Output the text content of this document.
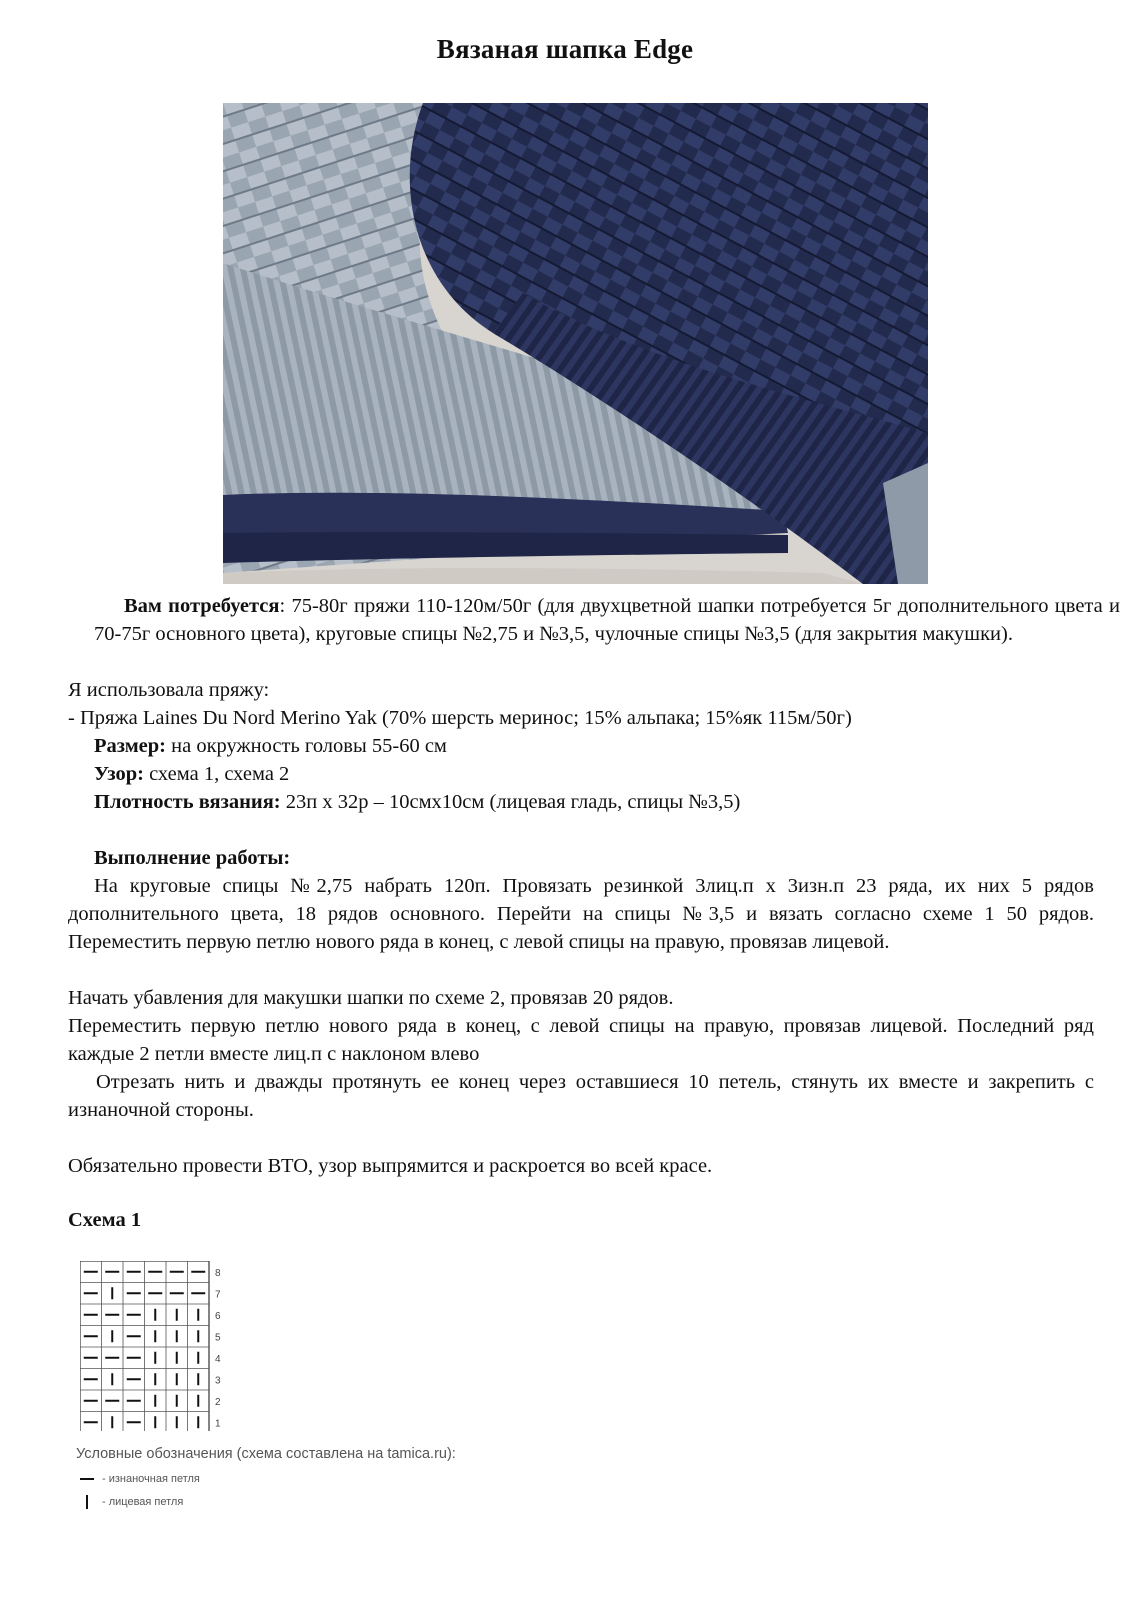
Вязаная шапка Edge
Вам потребуется: 75-80г пряжи 110-120м/50г (для двухцветной шапки потребуется 5г дополнительного цвета и 70-75г основного цвета), круговые спицы №2,75 и №3,5, чулочные спицы №3,5 (для закрытия макушки).
Я использовала пряжу:
- Пряжа Laines Du Nord Merino Yak (70% шерсть меринос; 15% альпака; 15%як 115м/50г)
Размер: на окружность головы 55-60 см
Узор: схема 1, схема 2
Плотность вязания: 23п х 32р – 10смх10см (лицевая гладь, спицы №3,5)
Выполнение работы:
На круговые спицы №2,75 набрать 120п. Провязать резинкой 3лиц.п х 3изн.п 23 ряда, их них 5 рядов дополнительного цвета, 18 рядов основного. Перейти на спицы №3,5 и вязать согласно схеме 1 50 рядов. Переместить первую петлю нового ряда в конец, с левой спицы на правую, провязав лицевой.
Начать убавления для макушки шапки по схеме 2, провязав 20 рядов.
Переместить первую петлю нового ряда в конец, с левой спицы на правую, провязав лицевой. Последний ряд каждые 2 петли вместе лиц.п с наклоном влево
Отрезать нить и дважды протянуть ее конец через оставшиеся 10 петель, стянуть их вместе и закрепить с изнаночной стороны.
Обязательно провести ВТО, узор выпрямится и раскроется во всей красе.
Схема 1
8
7
6
5
4
3
2
1
Условные обозначения (схема составлена на tamica.ru):
- изнаночная петля
- лицевая петля
